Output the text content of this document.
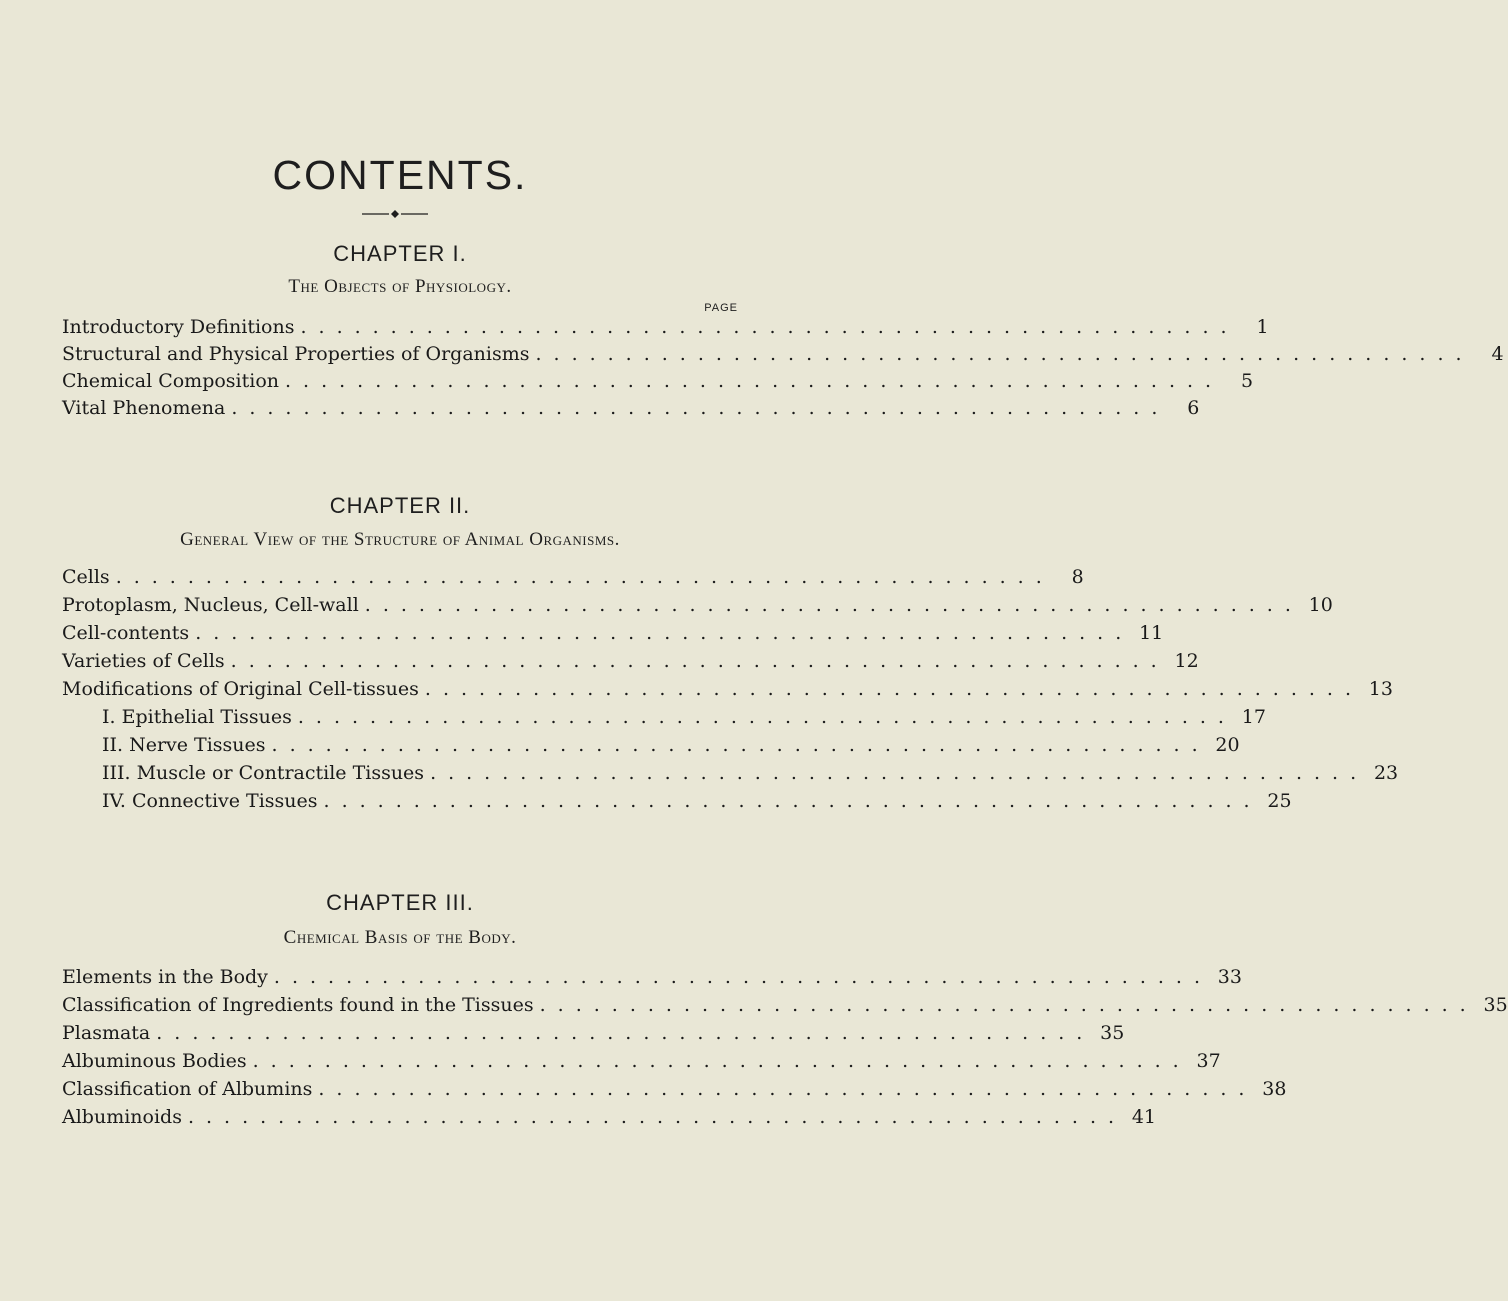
CONTENTS.
CHAPTER I.
The Objects of Physiology.
PAGE
Introductory Definitions .................................................... 1
Structural and Physical Properties of Organisms .................................................... 4
Chemical Composition .................................................... 5
Vital Phenomena .................................................... 6
CHAPTER II.
General View of the Structure of Animal Organisms.
Cells .................................................... 8
Protoplasm, Nucleus, Cell-wall .................................................... 10
Cell-contents .................................................... 11
Varieties of Cells .................................................... 12
Modifications of Original Cell-tissues .................................................... 13
I. Epithelial Tissues .................................................... 17
II. Nerve Tissues .................................................... 20
III. Muscle or Contractile Tissues .................................................... 23
IV. Connective Tissues .................................................... 25
CHAPTER III.
Chemical Basis of the Body.
Elements in the Body .................................................... 33
Classification of Ingredients found in the Tissues .................................................... 35
Plasmata .................................................... 35
Albuminous Bodies .................................................... 37
Classification of Albumins .................................................... 38
Albuminoids .................................................... 41
